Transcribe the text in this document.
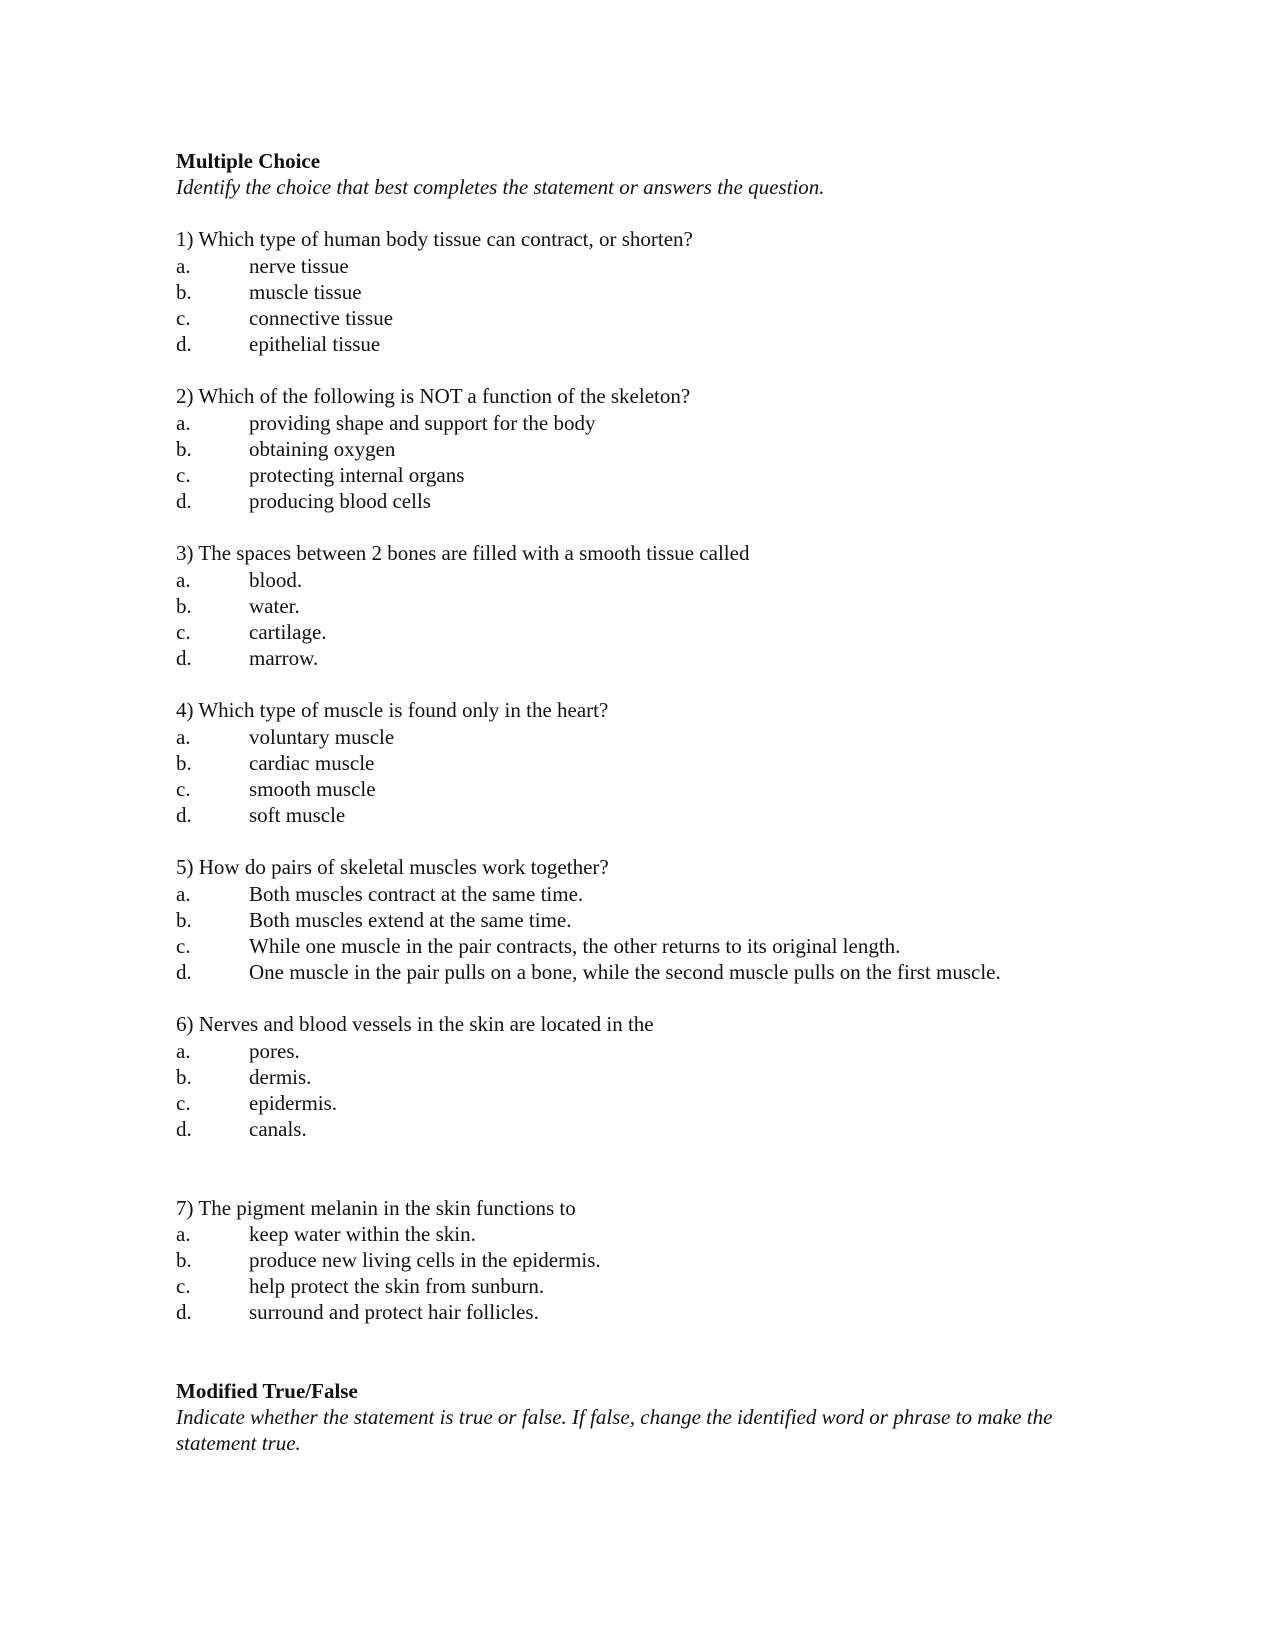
Multiple Choice

Identify the choice that best completes the statement or answers the question.

1) Which type of human body tissue can contract, or shorten?

a.	nerve tissue
b.	muscle tissue
c.	connective tissue
d.	epithelial tissue

2) Which of the following is NOT a function of the skeleton?

a.	providing shape and support for the body
b.	obtaining oxygen
c.	protecting internal organs
d.	producing blood cells

3) The spaces between 2 bones are filled with a smooth tissue called

a.	blood.
b.	water.
c.	cartilage.
d.	marrow.

4) Which type of muscle is found only in the heart?

a.	voluntary muscle
b.	cardiac muscle
c.	smooth muscle
d.	soft muscle

5) How do pairs of skeletal muscles work together?

a.	Both muscles contract at the same time.
b.	Both muscles extend at the same time.
c.	While one muscle in the pair contracts, the other returns to its original length.
d.	One muscle in the pair pulls on a bone, while the second muscle pulls on the first muscle.

6) Nerves and blood vessels in the skin are located in the

a.	pores.
b.	dermis.
c.	epidermis.
d.	canals.

7) The pigment melanin in the skin functions to

a.	keep water within the skin.
b.	produce new living cells in the epidermis.
c.	help protect the skin from sunburn.
d.	surround and protect hair follicles.

Modified True/False

Indicate whether the statement is true or false. If false, change the identified word or phrase to make the statement true.
